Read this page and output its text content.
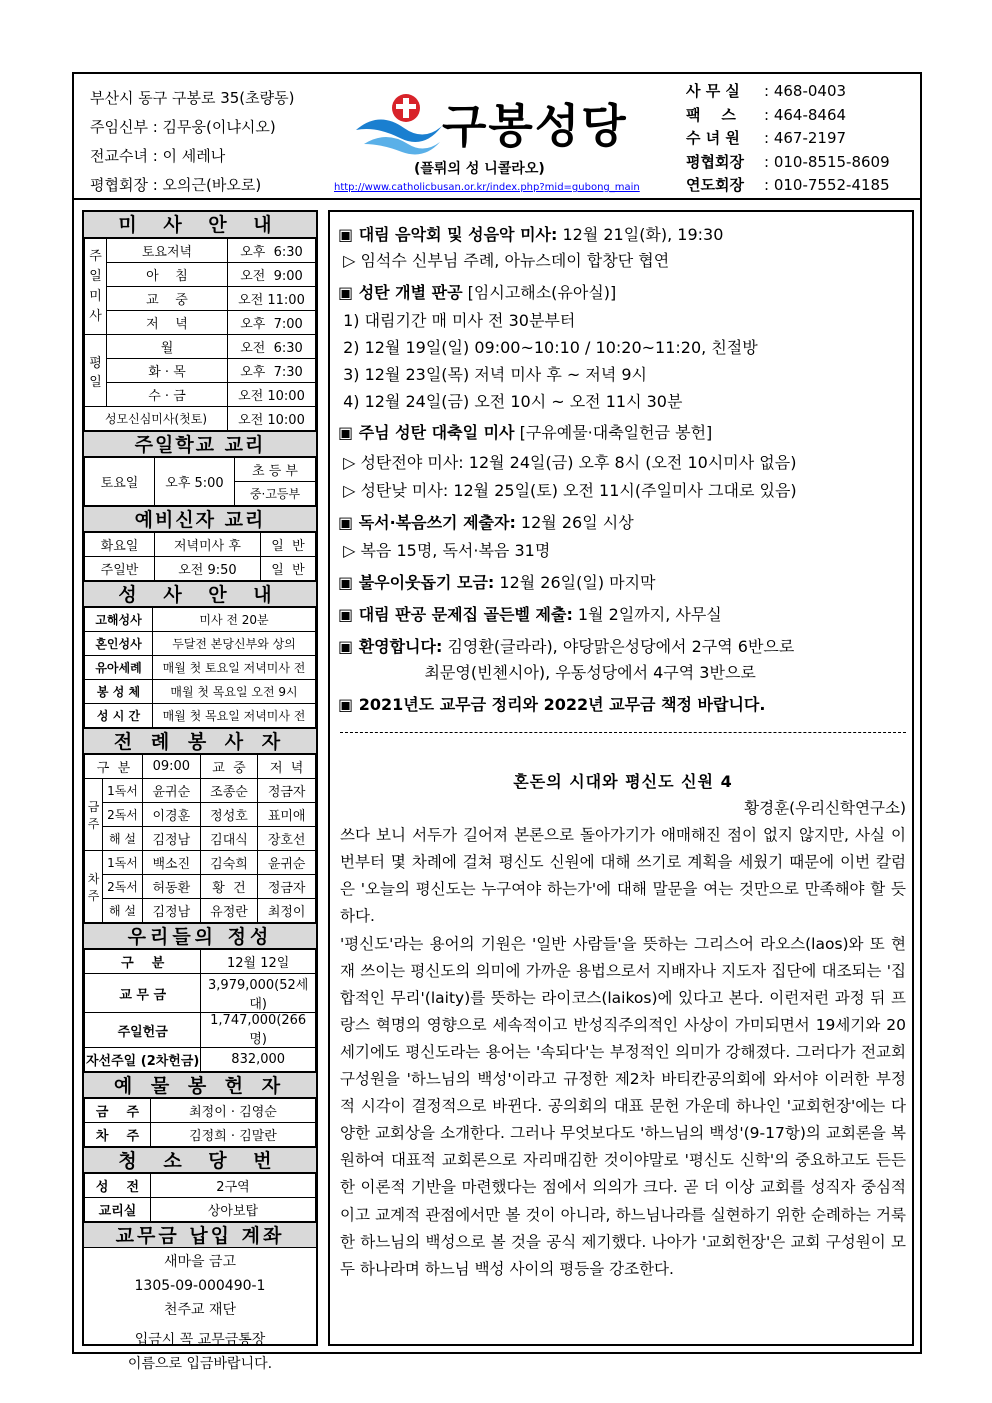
부산시 동구 구봉로 35(초량동)
주임신부 : 김무웅(이냐시오)
전교수녀 : 이 세레나
평협회장 : 오의근(바오로)
구봉성당
(플뤼의 성 니콜라오)
http://www.catholicbusan.or.kr/index.php?mid=gubong_main
사 무 실	: 468-0403
팩    스	: 464-8464
수 녀 원	: 467-2197
평협회장	: 010-8515-8609
연도회장	: 010-7552-4185
미 사 안 내
주일미사	토요저녁	오후  6:30
	아    침	오전  9:00
	교    중	오전 11:00
	저    녁	오후  7:00
평일	월	오전  6:30
	화 · 목	오후  7:30
	수 · 금	오전 10:00
성모신심미사(첫토)		오전 10:00
주일학교 교리
토요일	오후 5:00	초 등 부
중·고등부
예비신자 교리
화요일	저녁미사 후	일  반
주일반	오전 9:50	일  반
성 사 안 내
고해성사	미사 전 20분
혼인성사	두달전 본당신부와 상의
유아세례	매월 첫 토요일 저녁미사 전
봉 성 체	매월 첫 목요일 오전 9시
성 시 간	매월 첫 목요일 저녁미사 전
전 례 봉 사 자
구  분		09:00	교  중	저  녁
금주	1독서	윤귀순	조종순	정금자
	2독서	이경훈	정성호	표미애
	해 설	김정남	김대식	장호선
차주	1독서	백소진	김숙희	윤귀순
	2독서	허동환	황  건	정금자
	해 설	김정남	유정란	최정이
우리들의 정성
구    분	12월 12일
교 무 금	3,979,000(52세대)
주일헌금	1,747,000(266명)
자선주일 (2차헌금)	832,000
예 물 봉 헌 자
금    주	최정이 · 김영순
차    주	김정희 · 김말란
청 소 당 번
성    전	2구역
교리실	상아보탑
교무금 납입 계좌
새마을 금고
1305-09-000490-1
천주교 재단
입금시 꼭 교무금통장
이름으로 입금바랍니다.
▣ 대림 음악회 및 성음악 미사: 12월 21일(화), 19:30
▷ 임석수 신부님 주례, 아뉴스데이 합창단 협연
▣ 성탄 개별 판공 [임시고해소(유아실)]
1) 대림기간 매 미사 전 30분부터
2) 12월 19일(일) 09:00~10:10 / 10:20~11:20, 친절방
3) 12월 23일(목) 저녁 미사 후 ~ 저녁 9시
4) 12월 24일(금) 오전 10시 ~ 오전 11시 30분
▣ 주님 성탄 대축일 미사 [구유예물·대축일헌금 봉헌]
▷ 성탄전야 미사: 12월 24일(금) 오후 8시 (오전 10시미사 없음)
▷ 성탄낮 미사: 12월 25일(토) 오전 11시(주일미사 그대로 있음)
▣ 독서·복음쓰기 제출자: 12월 26일 시상
▷ 복음 15명, 독서·복음 31명
▣ 불우이웃돕기 모금: 12월 26일(일) 마지막
▣ 대림 판공 문제집 골든벨 제출: 1월 2일까지, 사무실
▣ 환영합니다: 김영환(글라라), 야당맑은성당에서 2구역 6반으로
최문영(빈첸시아), 우동성당에서 4구역 3반으로
▣ 2021년도 교무금 정리와 2022년 교무금 책정 바랍니다.
혼돈의 시대와 평신도 신원 4
황경훈(우리신학연구소)
쓰다 보니 서두가 길어져 본론으로 돌아가기가 애매해진 점이 없지 않지만, 사실 이번부터 몇 차례에 걸쳐 평신도 신원에 대해 쓰기로 계획을 세웠기 때문에 이번 칼럼은 '오늘의 평신도는 누구여야 하는가'에 대해 말문을 여는 것만으로 만족해야 할 듯하다.
'평신도'라는 용어의 기원은 '일반 사람들'을 뜻하는 그리스어 라오스(laos)와 또 현재 쓰이는 평신도의 의미에 가까운 용법으로서 지배자나 지도자 집단에 대조되는 '집합적인 무리'(laity)를 뜻하는 라이코스(laikos)에 있다고 본다. 이런저런 과정 뒤 프랑스 혁명의 영향으로 세속적이고 반성직주의적인 사상이 가미되면서 19세기와 20세기에도 평신도라는 용어는 '속되다'는 부정적인 의미가 강해졌다. 그러다가 전교회 구성원을 '하느님의 백성'이라고 규정한 제2차 바티칸공의회에 와서야 이러한 부정적 시각이 결정적으로 바뀐다. 공의회의 대표 문헌 가운데 하나인 '교회헌장'에는 다양한 교회상을 소개한다. 그러나 무엇보다도 '하느님의 백성'(9-17항)의 교회론을 복원하여 대표적 교회론으로 자리매김한 것이야말로 '평신도 신학'의 중요하고도 든든한 이론적 기반을 마련했다는 점에서 의의가 크다. 곧 더 이상 교회를 성직자 중심적이고 교계적 관점에서만 볼 것이 아니라, 하느님나라를 실현하기 위한 순례하는 거룩한 하느님의 백성으로 볼 것을 공식 제기했다. 나아가 '교회헌장'은 교회 구성원이 모두 하나라며 하느님 백성 사이의 평등을 강조한다.
